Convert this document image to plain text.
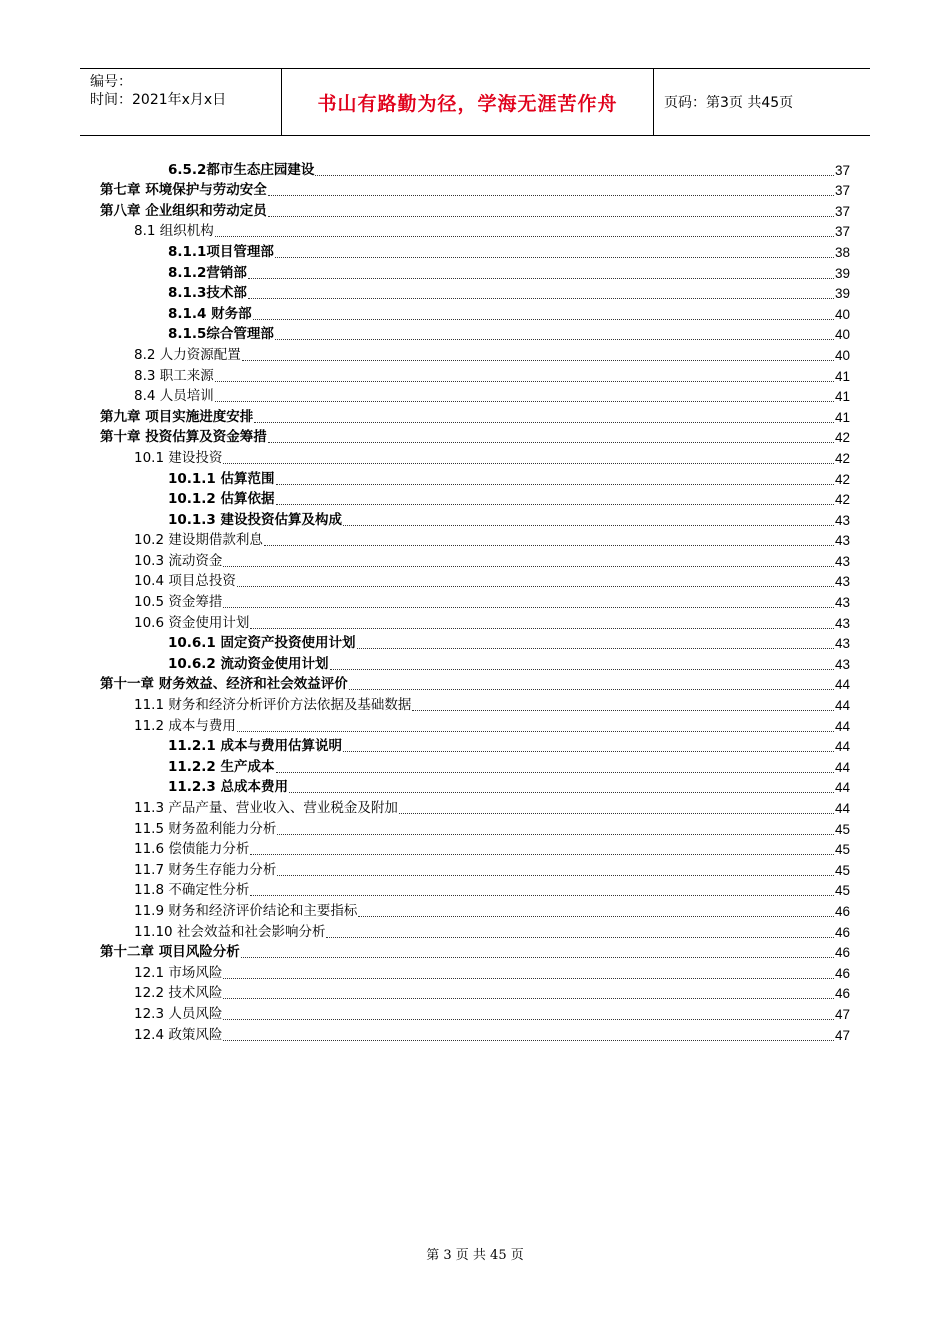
编号：
时间：2021年x月x日	书山有路勤为径，学海无涯苦作舟	页码：第3页 共45页
6.5.2都市生态庄园建设	37
第七章 环境保护与劳动安全	37
第八章 企业组织和劳动定员	37
8.1 组织机构	37
8.1.1项目管理部	38
8.1.2营销部	39
8.1.3技术部	39
8.1.4 财务部	40
8.1.5综合管理部	40
8.2 人力资源配置	40
8.3 职工来源	41
8.4 人员培训	41
第九章 项目实施进度安排	41
第十章 投资估算及资金筹措	42
10.1 建设投资	42
10.1.1 估算范围	42
10.1.2 估算依据	42
10.1.3 建设投资估算及构成	43
10.2 建设期借款利息	43
10.3 流动资金	43
10.4 项目总投资	43
10.5 资金筹措	43
10.6 资金使用计划	43
10.6.1 固定资产投资使用计划	43
10.6.2 流动资金使用计划	43
第十一章 财务效益、经济和社会效益评价	44
11.1 财务和经济分析评价方法依据及基础数据	44
11.2 成本与费用	44
11.2.1 成本与费用估算说明	44
11.2.2 生产成本	44
11.2.3 总成本费用	44
11.3 产品产量、营业收入、营业税金及附加	44
11.5 财务盈利能力分析	45
11.6 偿债能力分析	45
11.7 财务生存能力分析	45
11.8 不确定性分析	45
11.9 财务和经济评价结论和主要指标	46
11.10 社会效益和社会影响分析	46
第十二章 项目风险分析	46
12.1 市场风险	46
12.2 技术风险	46
12.3 人员风险	47
12.4 政策风险	47
第 3 页 共 45 页
